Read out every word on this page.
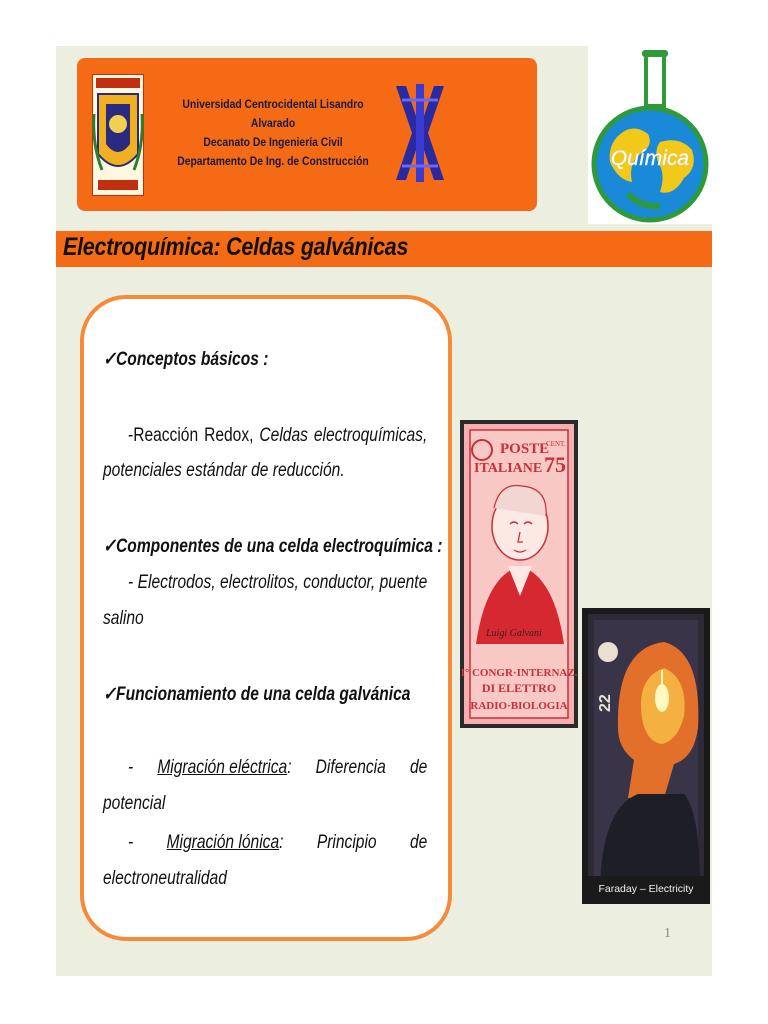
Universidad Centrocidental Lisandro Alvarado
Decanato De Ingeniería Civil
Departamento De Ing. de Construcción	Química
Electroquímica: Celdas galvánicas
✓Conceptos básicos :
-Reacción Redox, Celdas electroquímicas,
potenciales estándar de reducción.
✓Componentes de una celda electroquímica :
- Electrodos, electrolitos, conductor, puente
salino
✓Funcionamiento de una celda galvánica
- Migración eléctrica: Diferencia de
potencial
- Migración lónica: Principio de
electroneutralidad
POSTE
ITALIANE
CENT.
75
Luigi Galvani
I° CONGR·INTERNAZ.
DI ELETTRO
RADIO·BIOLOGIA 22
Faraday – Electricity
1
